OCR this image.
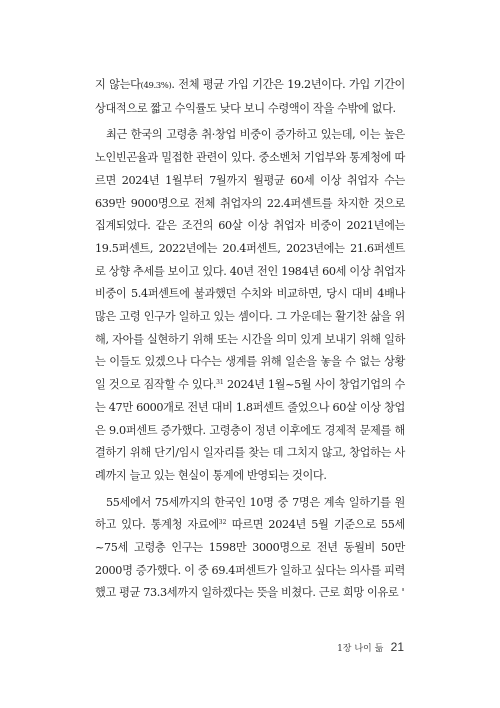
지 않는다(49.3%). 전체 평균 가입 기간은 19.2년이다. 가입 기간이 상대적으로 짧고 수익률도 낮다 보니 수령액이 작을 수밖에 없다.

최근 한국의 고령층 취·창업 비중이 증가하고 있는데, 이는 높은 노인빈곤율과 밀접한 관련이 있다. 중소벤처 기업부와 통계청에 따르면 2024년 1월부터 7월까지 월평균 60세 이상 취업자 수는 639만 9000명으로 전체 취업자의 22.4퍼센트를 차지한 것으로 집계되었다. 같은 조건의 60살 이상 취업자 비중이 2021년에는 19.5퍼센트, 2022년에는 20.4퍼센트, 2023년에는 21.6퍼센트로 상향 추세를 보이고 있다. 40년 전인 1984년 60세 이상 취업자 비중이 5.4퍼센트에 불과했던 수치와 비교하면, 당시 대비 4배나 많은 고령 인구가 일하고 있는 셈이다. 그 가운데는 활기찬 삶을 위해, 자아를 실현하기 위해 또는 시간을 의미 있게 보내기 위해 일하는 이들도 있겠으나 다수는 생계를 위해 일손을 놓을 수 없는 상황일 것으로 짐작할 수 있다.$^{31}$ 2024년 1월~5월 사이 창업기업의 수는 47만 6000개로 전년 대비 1.8퍼센트 줄었으나 60살 이상 창업은 9.0퍼센트 증가했다. 고령층이 정년 이후에도 경제적 문제를 해결하기 위해 단기/임시 일자리를 찾는 데 그치지 않고, 창업하는 사례까지 늘고 있는 현실이 통계에 반영되는 것이다.

55세에서 75세까지의 한국인 10명 중 7명은 계속 일하기를 원하고 있다. 통계청 자료에$^{32}$ 따르면 2024년 5월 기준으로 55세~75세 고령층 인구는 1598만 3000명으로 전년 동월비 50만 2000명 증가했다. 이 중 69.4퍼센트가 일하고 싶다는 의사를 피력했고 평균 73.3세까지 일하겠다는 뜻을 비쳤다. 근로 희망 이유로 '

1장 나이 듦 21
